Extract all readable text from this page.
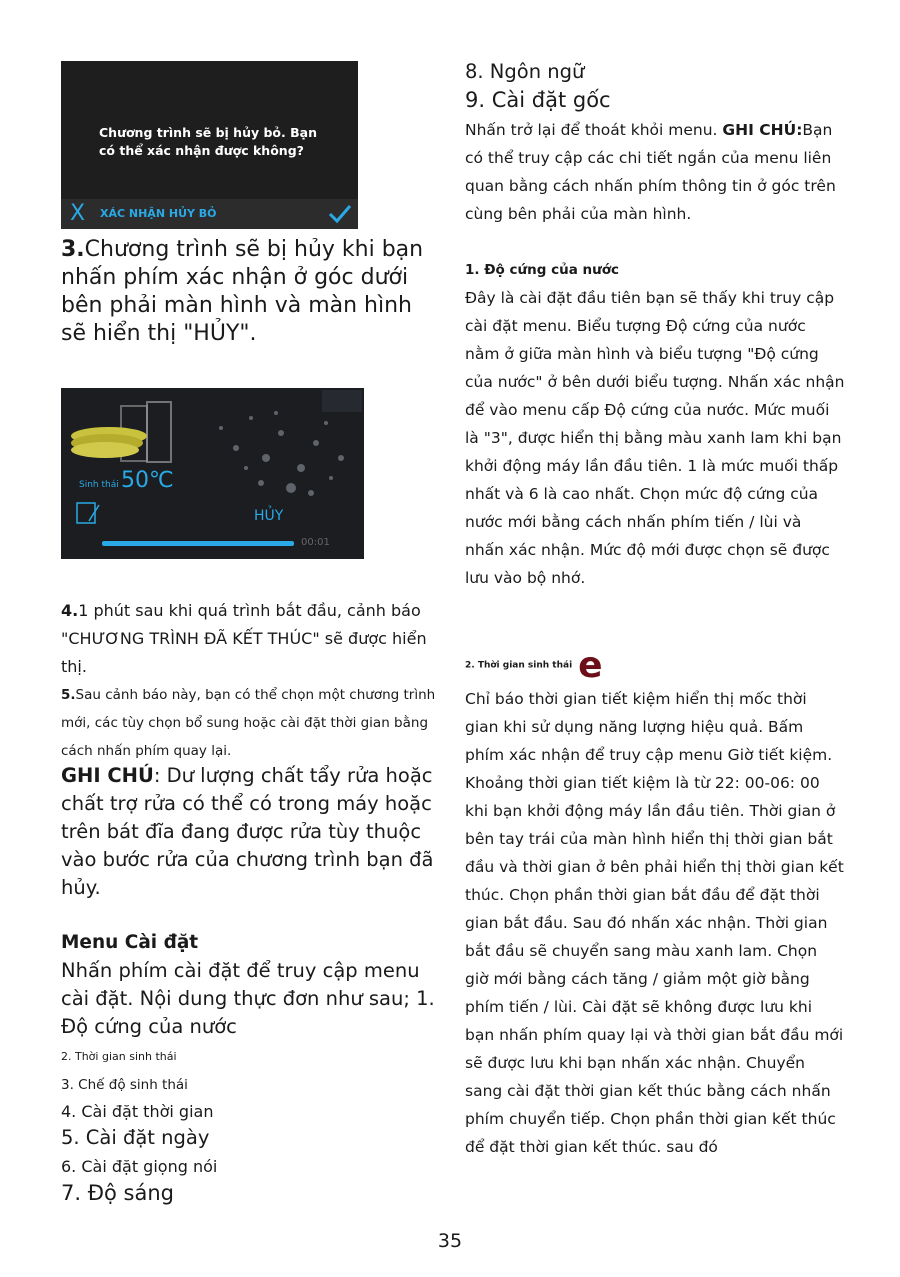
Chương trình sẽ bị hủy bỏ. Bạn có thể xác nhận được không?
X XÁC NHẬN HỦY BỎ
3.Chương trình sẽ bị hủy khi bạn nhấn phím xác nhận ở góc dưới bên phải màn hình và màn hình sẽ hiển thị "HỦY".
Sinh thái 50℃
HỦY
00:01
4.1 phút sau khi quá trình bắt đầu, cảnh báo "CHƯƠNG TRÌNH ĐÃ KẾT THÚC" sẽ được hiển thị.
5.Sau cảnh báo này, bạn có thể chọn một chương trình mới, các tùy chọn bổ sung hoặc cài đặt thời gian bằng cách nhấn phím quay lại.
GHI CHÚ: Dư lượng chất tẩy rửa hoặc chất trợ rửa có thể có trong máy hoặc trên bát đĩa đang được rửa tùy thuộc vào bước rửa của chương trình bạn đã hủy.
Menu Cài đặt
Nhấn phím cài đặt để truy cập menu cài đặt. Nội dung thực đơn như sau; 1. Độ cứng của nước
2. Thời gian sinh thái
3. Chế độ sinh thái
4. Cài đặt thời gian
5. Cài đặt ngày
6. Cài đặt giọng nói
7. Độ sáng
8. Ngôn ngữ
9. Cài đặt gốc
Nhấn trở lại để thoát khỏi menu. GHI CHÚ:Bạn có thể truy cập các chi tiết ngắn của menu liên quan bằng cách nhấn phím thông tin ở góc trên cùng bên phải của màn hình.
1. Độ cứng của nước
Đây là cài đặt đầu tiên bạn sẽ thấy khi truy cập cài đặt menu. Biểu tượng Độ cứng của nước nằm ở giữa màn hình và biểu tượng "Độ cứng của nước" ở bên dưới biểu tượng. Nhấn xác nhận để vào menu cấp Độ cứng của nước. Mức muối là "3", được hiển thị bằng màu xanh lam khi bạn khởi động máy lần đầu tiên. 1 là mức muối thấp nhất và 6 là cao nhất. Chọn mức độ cứng của nước mới bằng cách nhấn phím tiến / lùi và nhấn xác nhận. Mức độ mới được chọn sẽ được lưu vào bộ nhớ.
2. Thời gian sinh thái e
Chỉ báo thời gian tiết kiệm hiển thị mốc thời gian khi sử dụng năng lượng hiệu quả. Bấm phím xác nhận để truy cập menu Giờ tiết kiệm. Khoảng thời gian tiết kiệm là từ 22: 00-06: 00 khi bạn khởi động máy lần đầu tiên. Thời gian ở bên tay trái của màn hình hiển thị thời gian bắt đầu và thời gian ở bên phải hiển thị thời gian kết thúc. Chọn phần thời gian bắt đầu để đặt thời gian bắt đầu. Sau đó nhấn xác nhận. Thời gian bắt đầu sẽ chuyển sang màu xanh lam. Chọn giờ mới bằng cách tăng / giảm một giờ bằng phím tiến / lùi. Cài đặt sẽ không được lưu khi bạn nhấn phím quay lại và thời gian bắt đầu mới sẽ được lưu khi bạn nhấn xác nhận. Chuyển sang cài đặt thời gian kết thúc bằng cách nhấn phím chuyển tiếp. Chọn phần thời gian kết thúc để đặt thời gian kết thúc. sau đó
35
